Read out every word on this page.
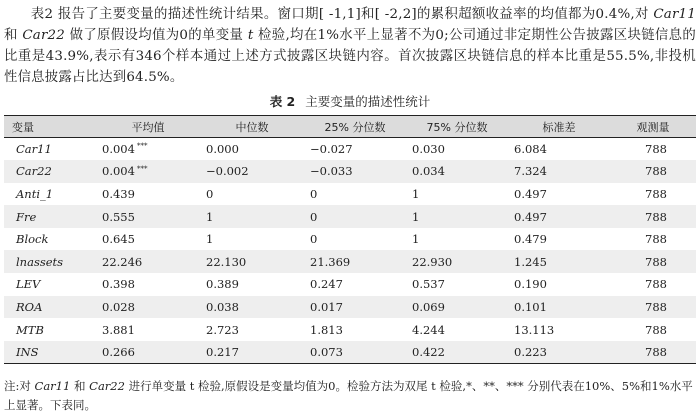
表2 报告了主要变量的描述性统计结果。窗口期[ -1,1]和[ -2,2]的累积超额收益率的均值都为0.4%,对 Car11 和 Car22 做了原假设均值为0的单变量 t 检验,均在1%水平上显著不为0;公司通过非定期性公告披露区块链信息的比重是43.9%,表示有346个样本通过上述方式披露区块链内容。首次披露区块链信息的样本比重是55.5%,非投机性信息披露占比达到64.5%。

表 2 主要变量的描述性统计
变量	平均值	中位数	25% 分位数	75% 分位数	标准差	观测量
Car11	0.004 ***	0.000	−0.027	0.030	6.084	788
Car22	0.004 ***	−0.002	−0.033	0.034	7.324	788
Anti_1	0.439	0	0	1	0.497	788
Fre	0.555	1	0	1	0.497	788
Block	0.645	1	0	1	0.479	788
lnassets	22.246	22.130	21.369	22.930	1.245	788
LEV	0.398	0.389	0.247	0.537	0.190	788
ROA	0.028	0.038	0.017	0.069	0.101	788
MTB	3.881	2.723	1.813	4.244	13.113	788
INS	0.266	0.217	0.073	0.422	0.223	788
注:对 Car11 和 Car22 进行单变量 t 检验,原假设是变量均值为0。检验方法为双尾 t 检验,*、**、*** 分别代表在10%、5%和1%水平上显著。下表同。
